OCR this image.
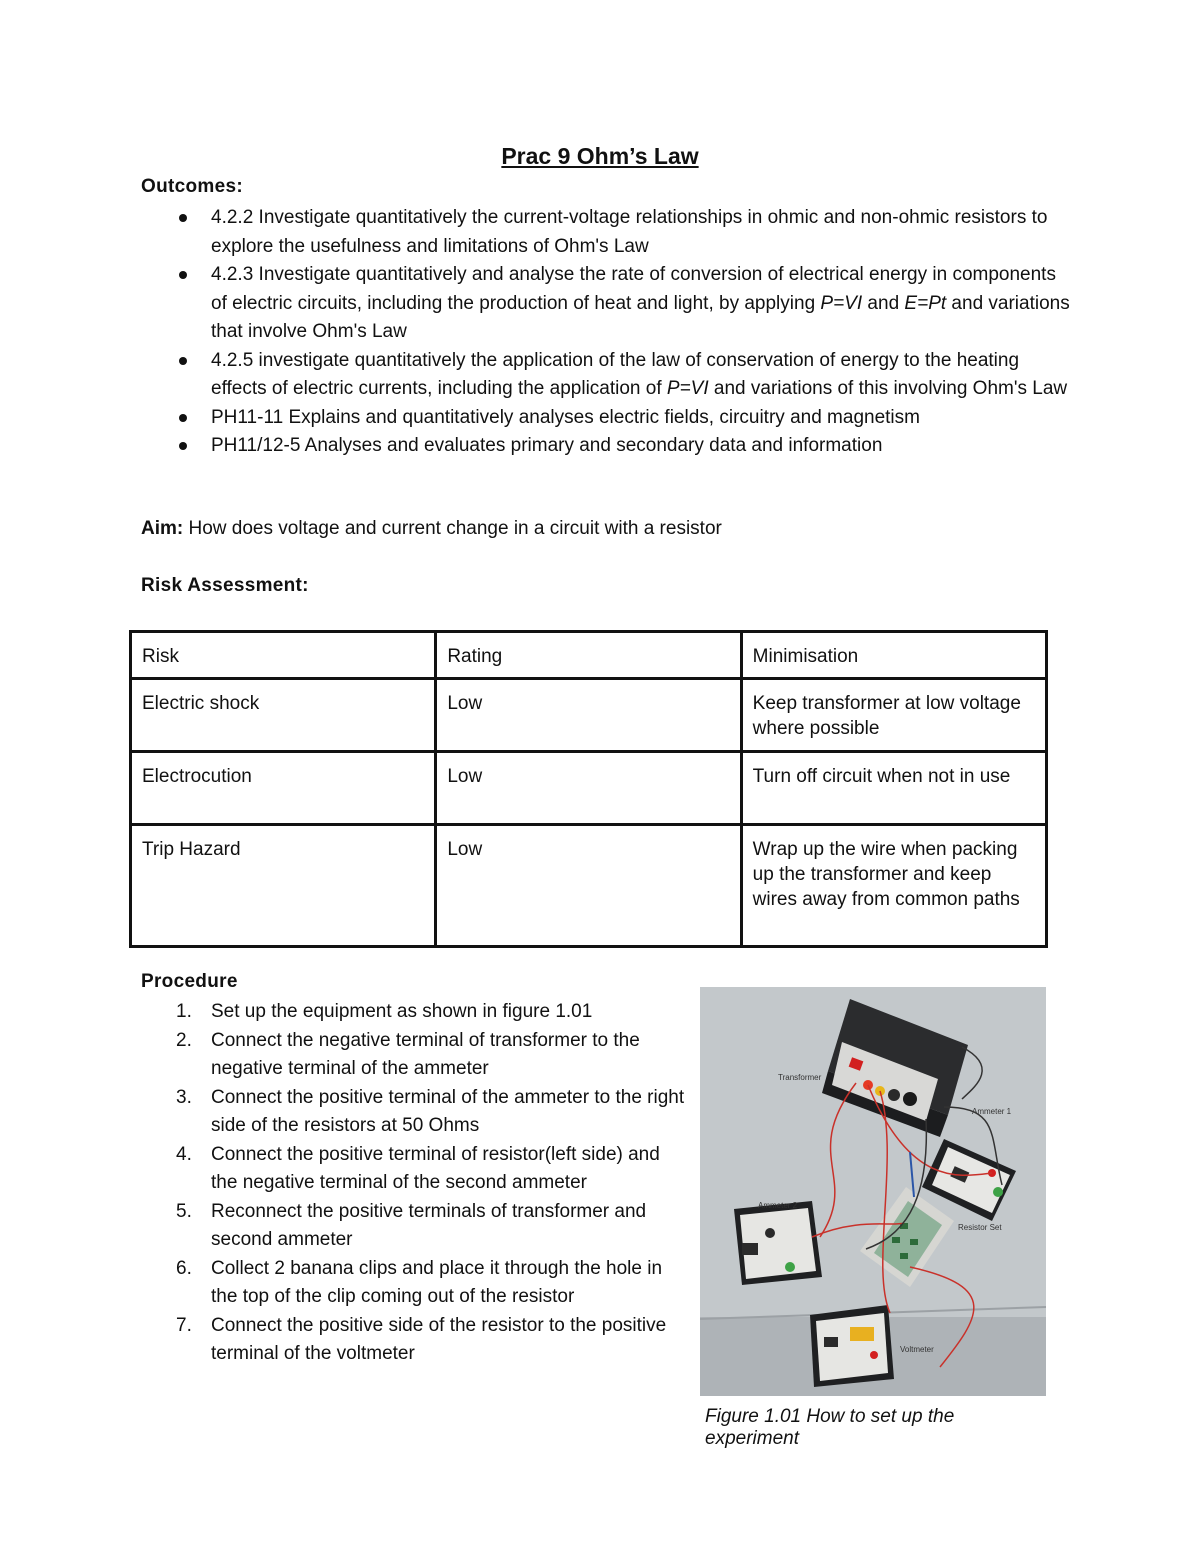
Prac 9 Ohm’s Law
Outcomes:
4.2.2 Investigate quantitatively the current-voltage relationships in ohmic and non-ohmic resistors to explore the usefulness and limitations of Ohm's Law
4.2.3 Investigate quantitatively and analyse the rate of conversion of electrical energy in components of electric circuits, including the production of heat and light, by applying P=VI and E=Pt and variations that involve Ohm's Law
4.2.5 investigate quantitatively the application of the law of conservation of energy to the heating effects of electric currents, including the application of P=VI and variations of this involving Ohm's Law
PH11-11 Explains and quantitatively analyses electric fields, circuitry and magnetism
PH11/12-5 Analyses and evaluates primary and secondary data and information
Aim: How does voltage and current change in a circuit with a resistor
Risk Assessment:
Risk	Rating	Minimisation
Electric shock	Low	Keep transformer at low voltage where possible
Electrocution	Low	Turn off circuit when not in use
Trip Hazard	Low	Wrap up the wire when packing up the transformer and keep wires away from common paths
Procedure
1. Set up the equipment as shown in figure 1.01
2. Connect the negative terminal of transformer to the negative terminal of the ammeter
3. Connect the positive terminal of the ammeter to the right side of the resistors at 50 Ohms
4. Connect the positive terminal of resistor(left side) and the negative terminal of the second ammeter
5. Reconnect the positive terminals of transformer and second ammeter
6. Collect 2 banana clips and place it through the hole in the top of the clip coming out of the resistor
7. Connect the positive side of the resistor to the positive terminal of the voltmeter
Transformer
Ammeter 1
Resistor Set
Ammeter 2
Voltmeter
Figure 1.01 How to set up the experiment
